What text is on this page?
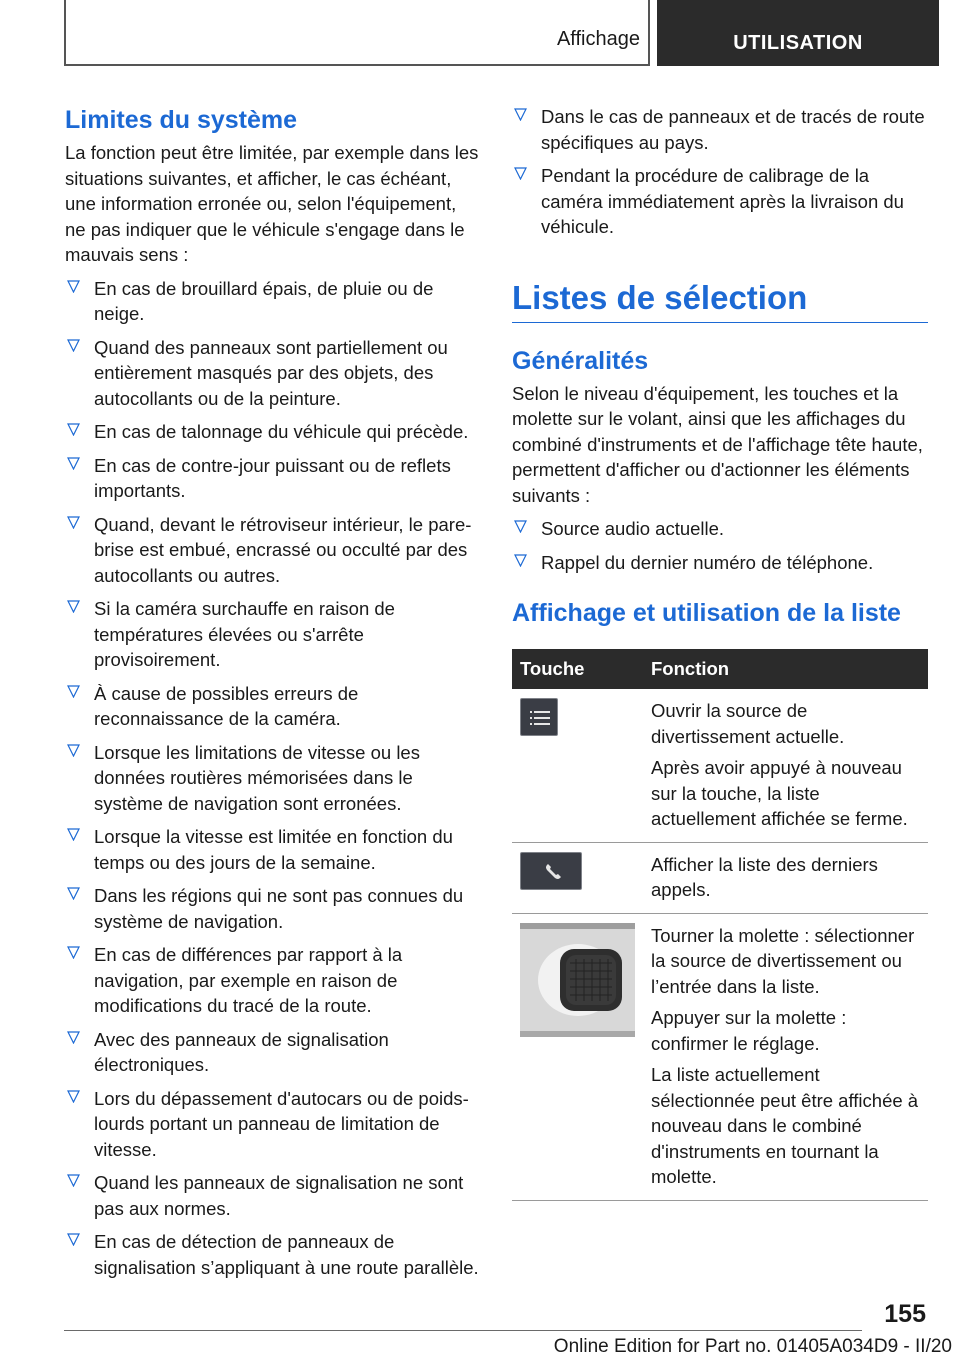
Affichage	UTILISATION
Limites du système

La fonction peut être limitée, par exemple dans les situations suivantes, et afficher, le cas échéant, une information erronée ou, selon l'équipement, ne pas indiquer que le véhicule s'engage dans le mauvais sens :

En cas de brouillard épais, de pluie ou de neige.
Quand des panneaux sont partiellement ou entièrement masqués par des objets, des autocollants ou de la peinture.
En cas de talonnage du véhicule qui précède.
En cas de contre-jour puissant ou de reflets importants.
Quand, devant le rétroviseur intérieur, le pare-brise est embué, encrassé ou occulté par des autocollants ou autres.
Si la caméra surchauffe en raison de températures élevées ou s'arrête provisoirement.
À cause de possibles erreurs de reconnaissance de la caméra.
Lorsque les limitations de vitesse ou les données routières mémorisées dans le système de navigation sont erronées.
Lorsque la vitesse est limitée en fonction du temps ou des jours de la semaine.
Dans les régions qui ne sont pas connues du système de navigation.
En cas de différences par rapport à la navigation, par exemple en raison de modifications du tracé de la route.
Avec des panneaux de signalisation électroniques.
Lors du dépassement d'autocars ou de poids-lourds portant un panneau de limitation de vitesse.
Quand les panneaux de signalisation ne sont pas aux normes.
En cas de détection de panneaux de signalisation s’appliquant à une route parallèle.
Dans le cas de panneaux et de tracés de route spécifiques au pays.
Pendant la procédure de calibrage de la caméra immédiatement après la livraison du véhicule.
Listes de sélection
Généralités

Selon le niveau d'équipement, les touches et la molette sur le volant, ainsi que les affichages du combiné d'instruments et de l'affichage tête haute, permettent d'afficher ou d'actionner les éléments suivants :

Source audio actuelle.
Rappel du dernier numéro de téléphone.
Affichage et utilisation de la liste
Touche	Fonction

Ouvrir la source de divertissement actuelle.

Après avoir appuyé à nouveau sur la touche, la liste actuellement affichée se ferme.

Afficher la liste des derniers appels.

Tourner la molette : sélectionner la source de divertissement ou l’entrée dans la liste.

Appuyer sur la molette : confirmer le réglage.

La liste actuellement sélectionnée peut être affichée à nouveau dans le combiné d'instruments en tournant la molette.

155
Online Edition for Part no. 01405A034D9 - II/20
